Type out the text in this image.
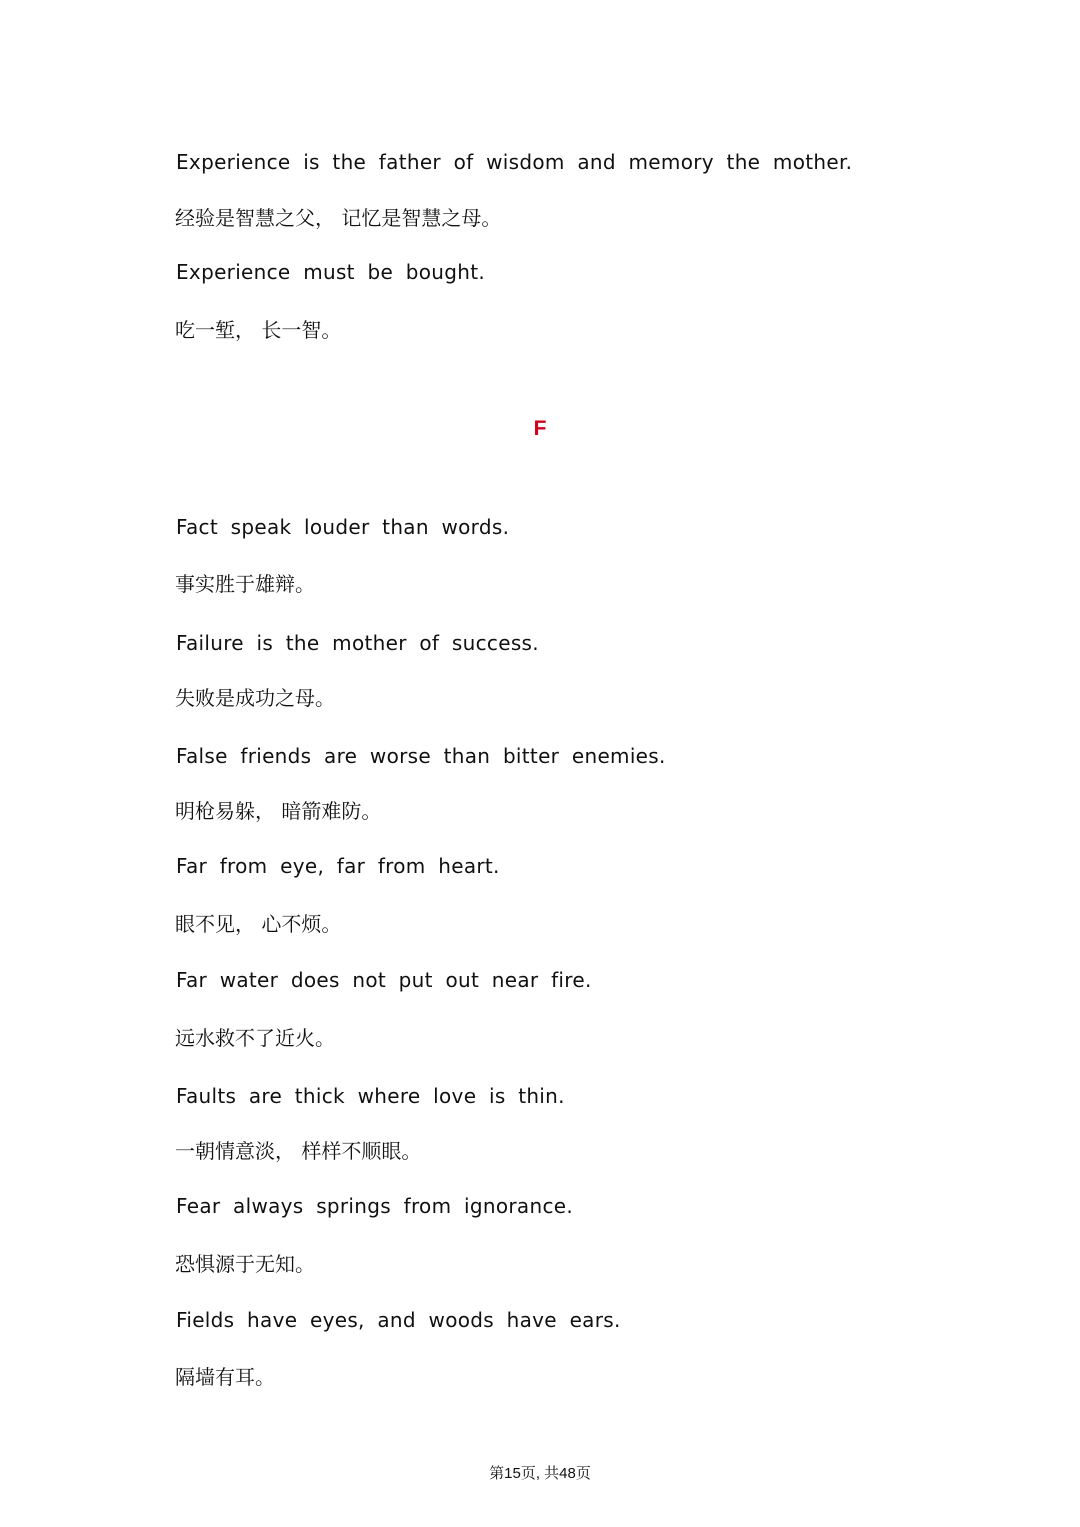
Experience is the father of wisdom and memory the mother.
经验是智慧之父， 记忆是智慧之母。
Experience must be bought.
吃一堑， 长一智。
F
Fact speak louder than words.
事实胜于雄辩。
Failure is the mother of success.
失败是成功之母。
False friends are worse than bitter enemies.
明枪易躲， 暗箭难防。
Far from eye, far from heart.
眼不见， 心不烦。
Far water does not put out near fire.
远水救不了近火。
Faults are thick where love is thin.
一朝情意淡， 样样不顺眼。
Fear always springs from ignorance.
恐惧源于无知。
Fields have eyes, and woods have ears.
隔墙有耳。
第15页, 共48页
